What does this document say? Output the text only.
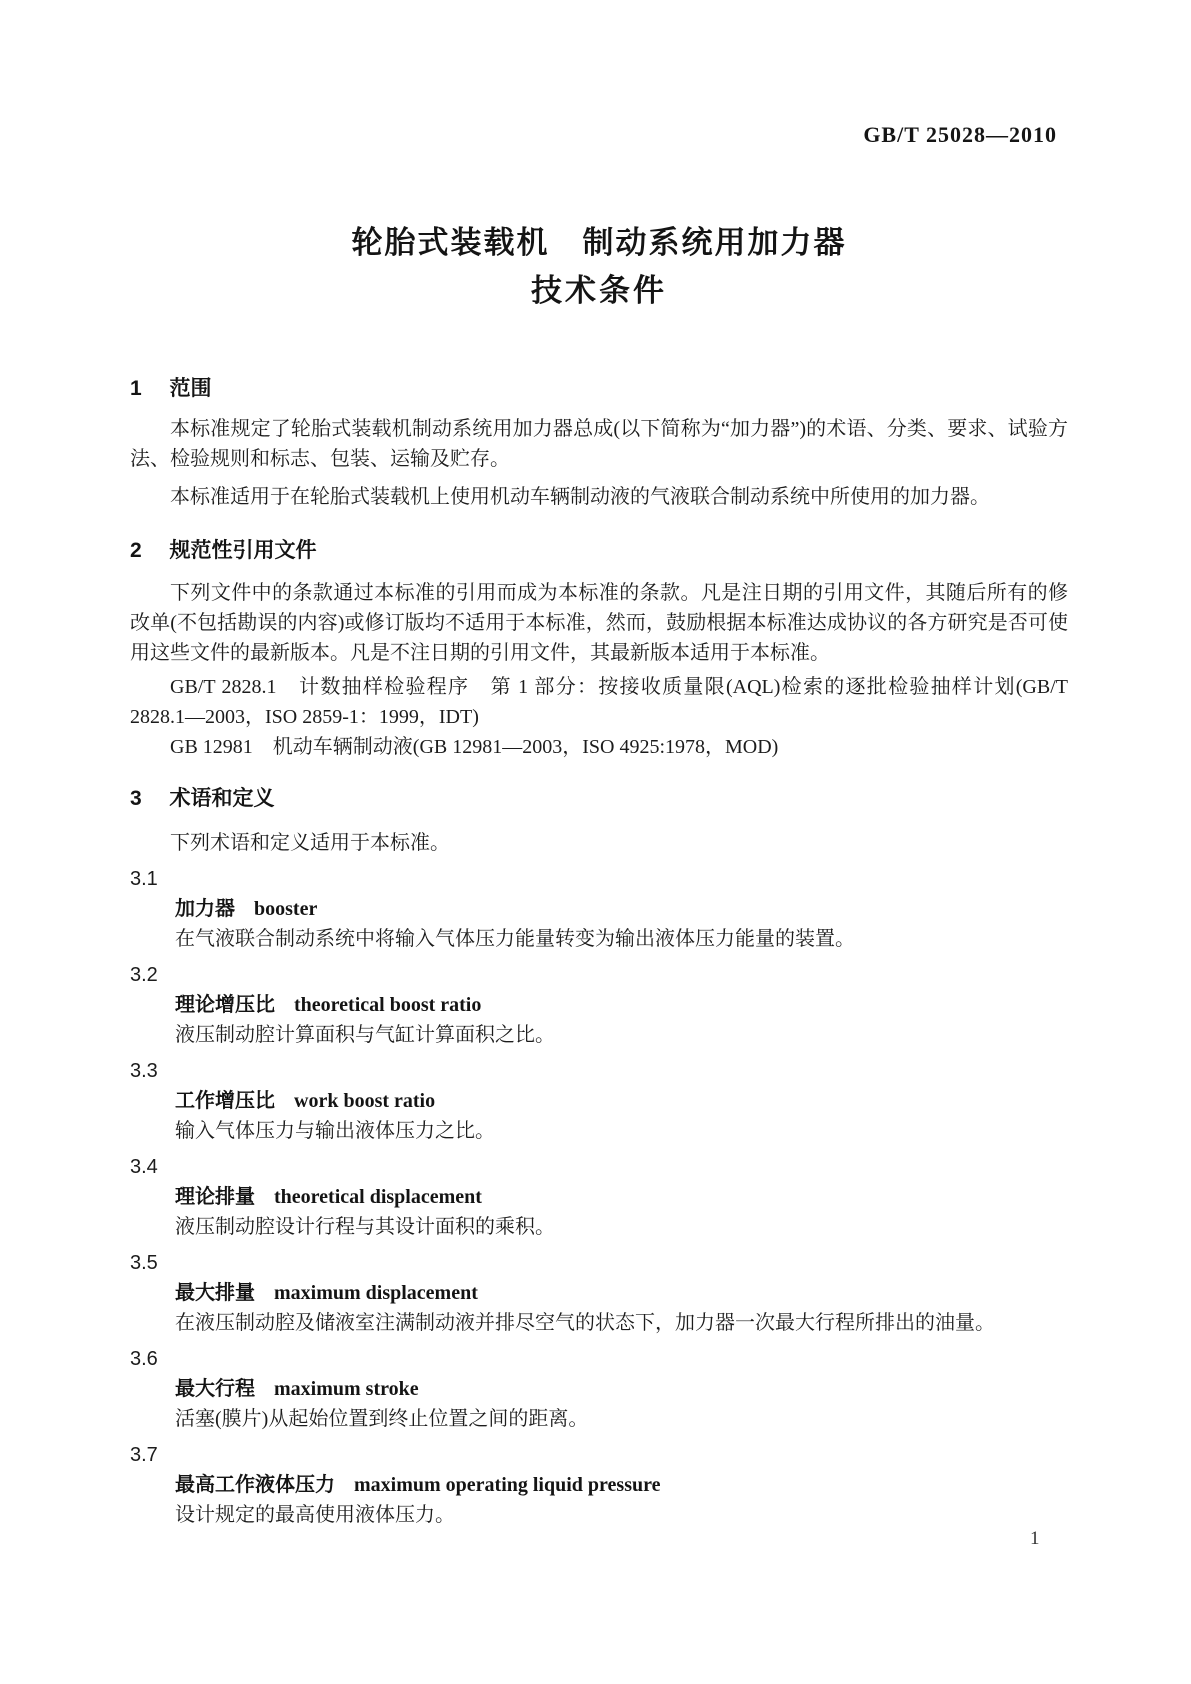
GB/T 25028—2010
轮胎式装载机　制动系统用加力器
技术条件
1 范围

本标准规定了轮胎式装载机制动系统用加力器总成(以下简称为“加力器”)的术语、分类、要求、试验方法、检验规则和标志、包装、运输及贮存。

本标准适用于在轮胎式装载机上使用机动车辆制动液的气液联合制动系统中所使用的加力器。

2 规范性引用文件

下列文件中的条款通过本标准的引用而成为本标准的条款。凡是注日期的引用文件，其随后所有的修改单(不包括勘误的内容)或修订版均不适用于本标准，然而，鼓励根据本标准达成协议的各方研究是否可使用这些文件的最新版本。凡是不注日期的引用文件，其最新版本适用于本标准。

GB/T 2828.1　计数抽样检验程序　第 1 部分：按接收质量限(AQL)检索的逐批检验抽样计划(GB/T 2828.1—2003，ISO 2859-1：1999，IDT)

GB 12981　机动车辆制动液(GB 12981—2003，ISO 4925:1978，MOD)

3 术语和定义

下列术语和定义适用于本标准。

3.1
加力器 booster
在气液联合制动系统中将输入气体压力能量转变为输出液体压力能量的装置。
3.2
理论增压比 theoretical boost ratio
液压制动腔计算面积与气缸计算面积之比。
3.3
工作增压比 work boost ratio
输入气体压力与输出液体压力之比。
3.4
理论排量 theoretical displacement
液压制动腔设计行程与其设计面积的乘积。
3.5
最大排量 maximum displacement
在液压制动腔及储液室注满制动液并排尽空气的状态下，加力器一次最大行程所排出的油量。
3.6
最大行程 maximum stroke
活塞(膜片)从起始位置到终止位置之间的距离。
3.7
最高工作液体压力 maximum operating liquid pressure
设计规定的最高使用液体压力。
1
